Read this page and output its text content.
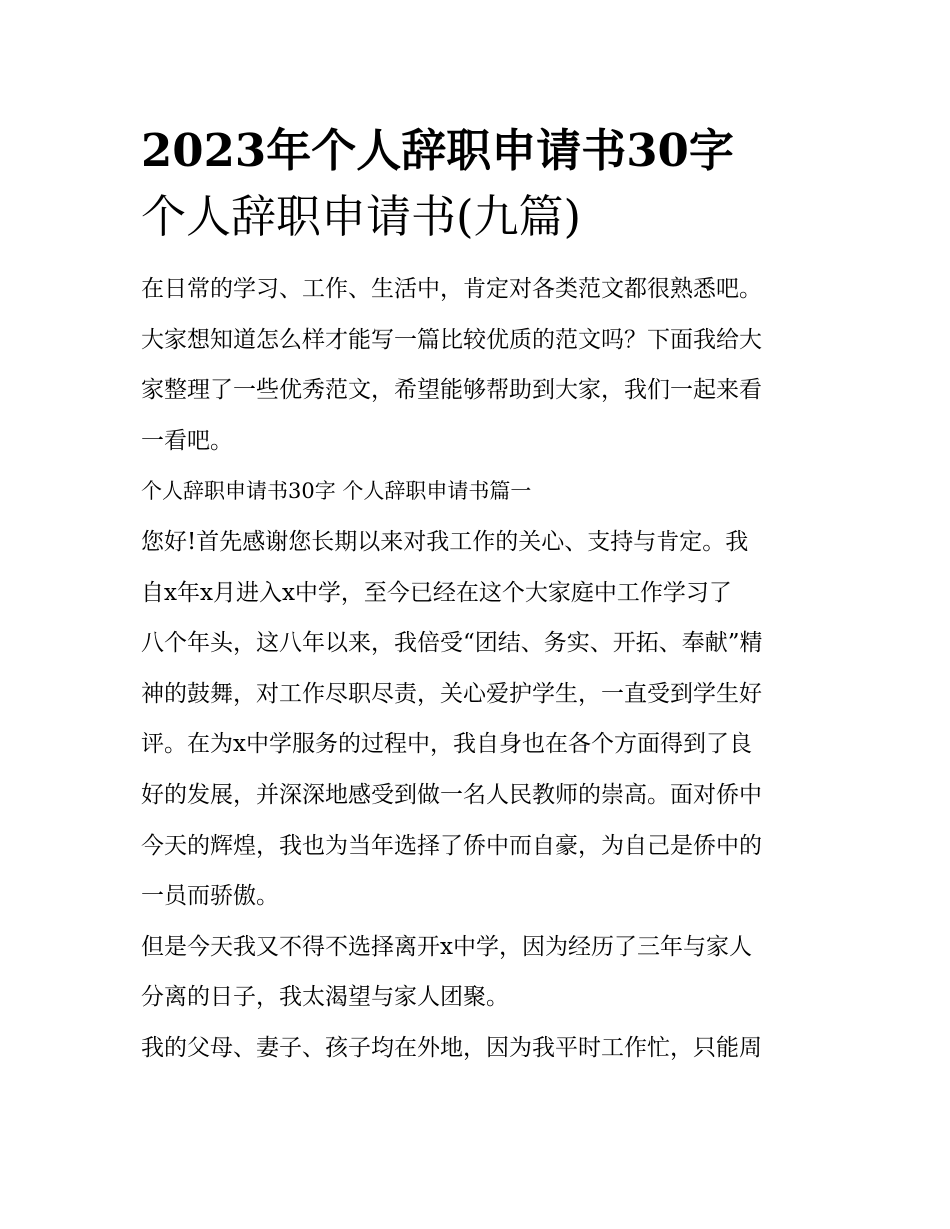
2023年个人辞职申请书30字
个人辞职申请书(九篇)

在日常的学习、工作、生活中，肯定对各类范文都很熟悉吧。
大家想知道怎么样才能写一篇比较优质的范文吗？下面我给大
家整理了一些优秀范文，希望能够帮助到大家，我们一起来看
一看吧。

个人辞职申请书30字 个人辞职申请书篇一

您好!首先感谢您长期以来对我工作的关心、支持与肯定。我
自x年x月进入x中学，至今已经在这个大家庭中工作学习了
八个年头，这八年以来，我倍受“团结、务实、开拓、奉献”精
神的鼓舞，对工作尽职尽责，关心爱护学生，一直受到学生好
评。在为x中学服务的过程中，我自身也在各个方面得到了良
好的发展，并深深地感受到做一名人民教师的崇高。面对侨中
今天的辉煌，我也为当年选择了侨中而自豪，为自己是侨中的
一员而骄傲。

但是今天我又不得不选择离开x中学，因为经历了三年与家人
分离的日子，我太渴望与家人团聚。

我的父母、妻子、孩子均在外地，因为我平时工作忙，只能周
